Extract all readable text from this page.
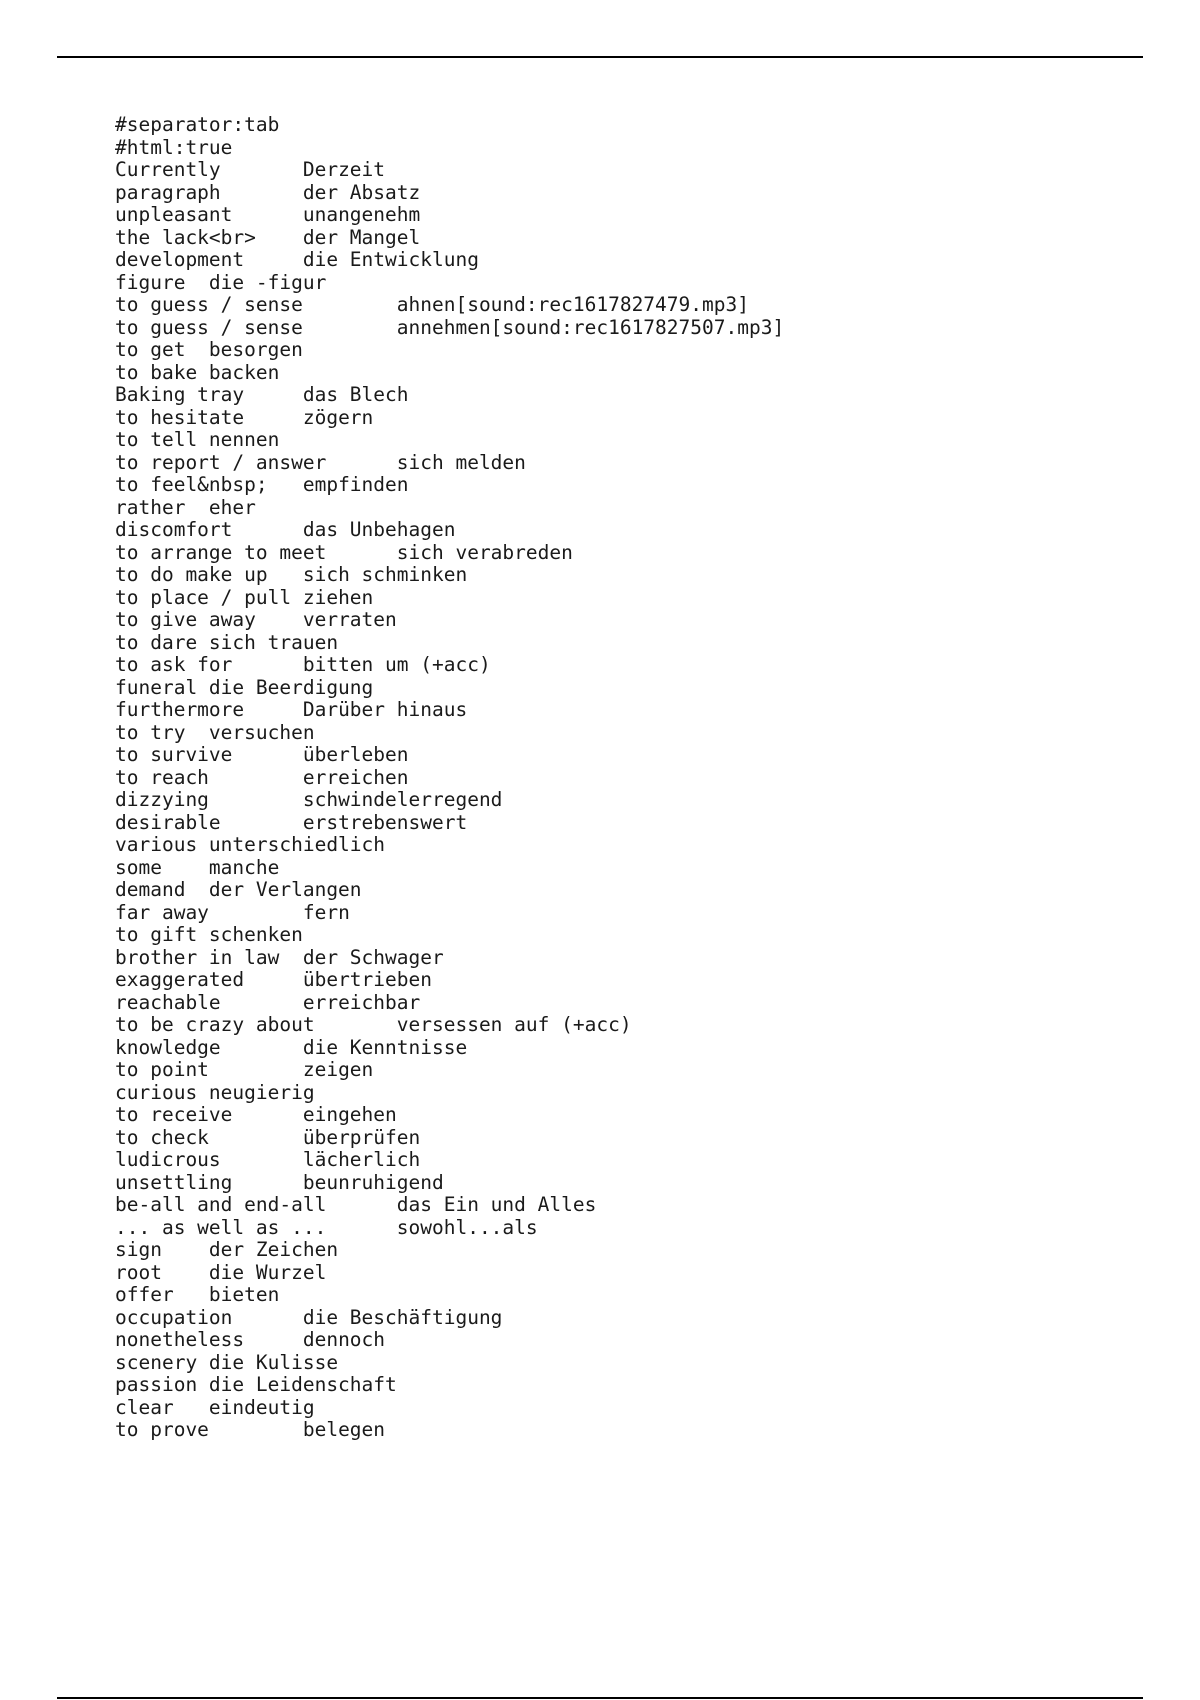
#separator:tab
#html:true
Currently	Derzeit
paragraph	der Absatz
unpleasant	unangenehm
the lack<br>	der Mangel
development	die Entwicklung
figure	die -figur
to guess / sense	ahnen[sound:rec1617827479.mp3]
to guess / sense	annehmen[sound:rec1617827507.mp3]
to get	besorgen
to bake	backen
Baking tray	das Blech
to hesitate	zögern
to tell	nennen
to report / answer	sich melden
to feel&nbsp;	empfinden
rather	eher
discomfort	das Unbehagen
to arrange to meet	sich verabreden
to do make up	sich schminken
to place / pull	ziehen
to give away	verraten
to dare	sich trauen
to ask for	bitten um (+acc)
funeral	die Beerdigung
furthermore	Darüber hinaus
to try	versuchen
to survive	überleben
to reach	erreichen
dizzying	schwindelerregend
desirable	erstrebenswert
various	unterschiedlich
some	manche
demand	der Verlangen
far away	fern
to gift	schenken
brother in law	der Schwager
exaggerated	übertrieben
reachable	erreichbar
to be crazy about	versessen auf (+acc)
knowledge	die Kenntnisse
to point	zeigen
curious	neugierig
to receive	eingehen
to check	überprüfen
ludicrous	lächerlich
unsettling	beunruhigend
be-all and end-all	das Ein und Alles
... as well as ...	sowohl...als
sign	der Zeichen
root	die Wurzel
offer	bieten
occupation	die Beschäftigung
nonetheless	dennoch
scenery	die Kulisse
passion	die Leidenschaft
clear	eindeutig
to prove	belegen
